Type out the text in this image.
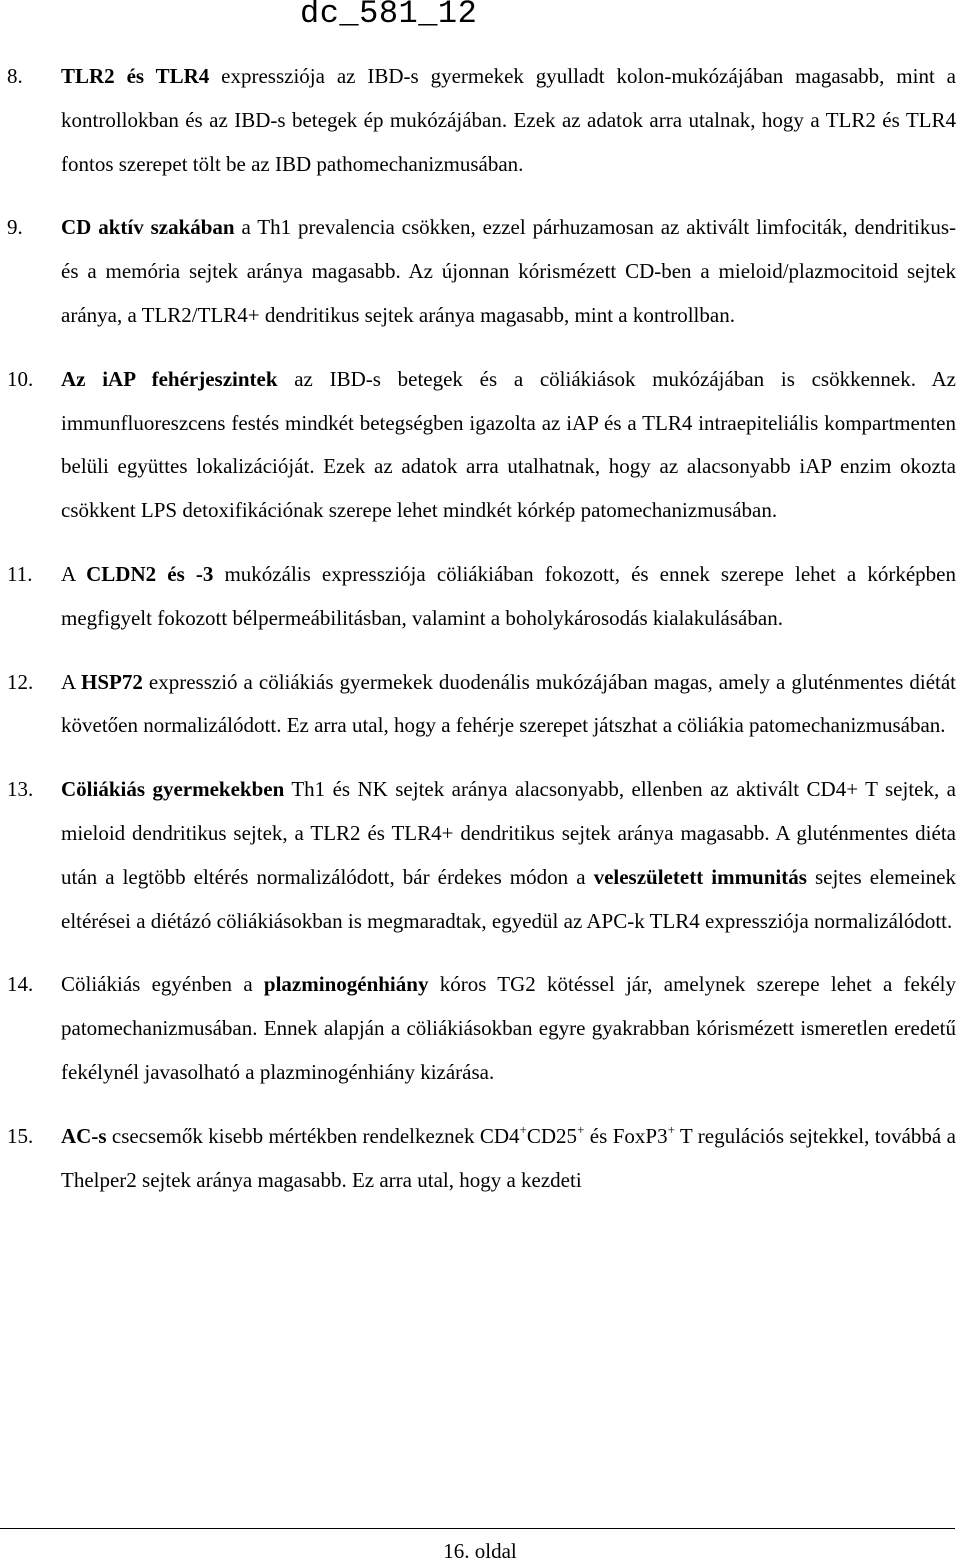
dc_581_12
8. TLR2 és TLR4 expressziója az IBD-s gyermekek gyulladt kolon-mukózájában magasabb, mint a kontrollokban és az IBD-s betegek ép mukózájában. Ezek az adatok arra utalnak, hogy a TLR2 és TLR4 fontos szerepet tölt be az IBD pathomechanizmusában.
9. CD aktív szakában a Th1 prevalencia csökken, ezzel párhuzamosan az aktivált limfociták, dendritikus- és a memória sejtek aránya magasabb. Az újonnan kórismézett CD-ben a mieloid/plazmocitoid sejtek aránya, a TLR2/TLR4+ dendritikus sejtek aránya magasabb, mint a kontrollban.
10. Az iAP fehérjeszintek az IBD-s betegek és a cöliákiások mukózájában is csökkennek. Az immunfluoreszcens festés mindkét betegségben igazolta az iAP és a TLR4 intraepiteliális kompartmenten belüli együttes lokalizációját. Ezek az adatok arra utalhatnak, hogy az alacsonyabb iAP enzim okozta csökkent LPS detoxifikációnak szerepe lehet mindkét kórkép patomechanizmusában.
11. A CLDN2 és -3 mukózális expressziója cöliákiában fokozott, és ennek szerepe lehet a kórképben megfigyelt fokozott bélpermeábilitásban, valamint a boholykárosodás kialakulásában.
12. A HSP72 expresszió a cöliákiás gyermekek duodenális mukózájában magas, amely a gluténmentes diétát követően normalizálódott. Ez arra utal, hogy a fehérje szerepet játszhat a cöliákia patomechanizmusában.
13. Cöliákiás gyermekekben Th1 és NK sejtek aránya alacsonyabb, ellenben az aktivált CD4+ T sejtek, a mieloid dendritikus sejtek, a TLR2 és TLR4+ dendritikus sejtek aránya magasabb. A gluténmentes diéta után a legtöbb eltérés normalizálódott, bár érdekes módon a veleszületett immunitás sejtes elemeinek eltérései a diétázó cöliákiásokban is megmaradtak, egyedül az APC-k TLR4 expressziója normalizálódott.
14. Cöliákiás egyénben a plazminogénhiány kóros TG2 kötéssel jár, amelynek szerepe lehet a fekély patomechanizmusában. Ennek alapján a cöliákiásokban egyre gyakrabban kórismézett ismeretlen eredetű fekélynél javasolható a plazminogénhiány kizárása.
15. AC-s csecsemők kisebb mértékben rendelkeznek CD4+CD25+ és FoxP3+ T regulációs sejtekkel, továbbá a Thelper2 sejtek aránya magasabb. Ez arra utal, hogy a kezdeti
16. oldal
